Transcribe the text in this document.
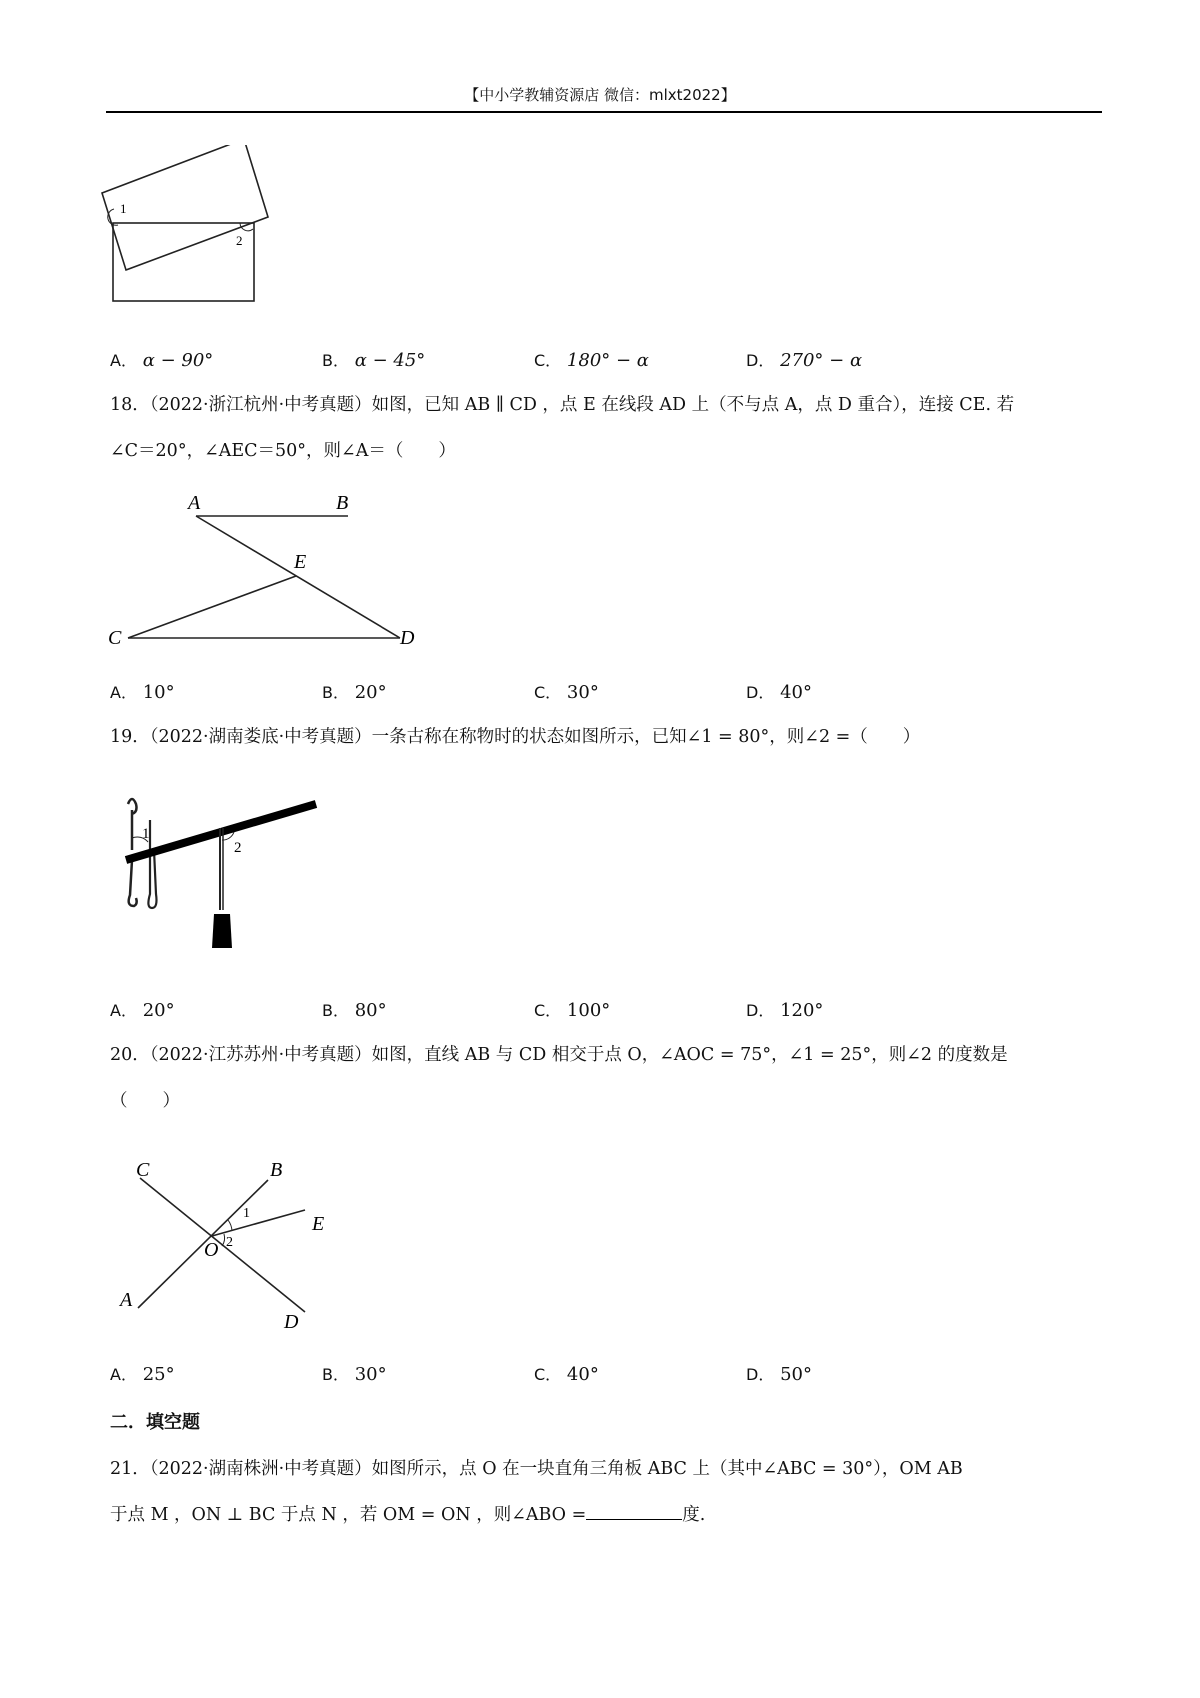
【中小学教辅资源店 微信：mlxt2022】
1
2
A． α − 90°	B． α − 45°	C． 180° − α	D． 270° − α
18．（2022·浙江杭州·中考真题）如图，已知 AB ∥ CD ，点 E 在线段 AD 上（不与点 A，点 D 重合），连接 CE. 若
∠C＝20°，∠AEC＝50°，则∠A＝（　　）
A	B
E
C	D
A． 10°	B． 20°	C． 30°	D． 40°
19．（2022·湖南娄底·中考真题）一条古称在称物时的状态如图所示，已知∠1 = 80°，则∠2 =（　　）
1
2
A． 20°	B． 80°	C． 100°	D． 120°
20．（2022·江苏苏州·中考真题）如图，直线 AB 与 CD 相交于点 O，∠AOC = 75°，∠1 = 25°，则∠2 的度数是
（　　）
C	B
1	E
2
O
A
D
A． 25°	B． 30°	C． 40°	D． 50°
二．填空题
21．（2022·湖南株洲·中考真题）如图所示，点 O 在一块直角三角板 ABC 上（其中∠ABC = 30°），OM AB
于点 M ，ON ⊥ BC 于点 N ，若 OM = ON ，则∠ABO =	度.
